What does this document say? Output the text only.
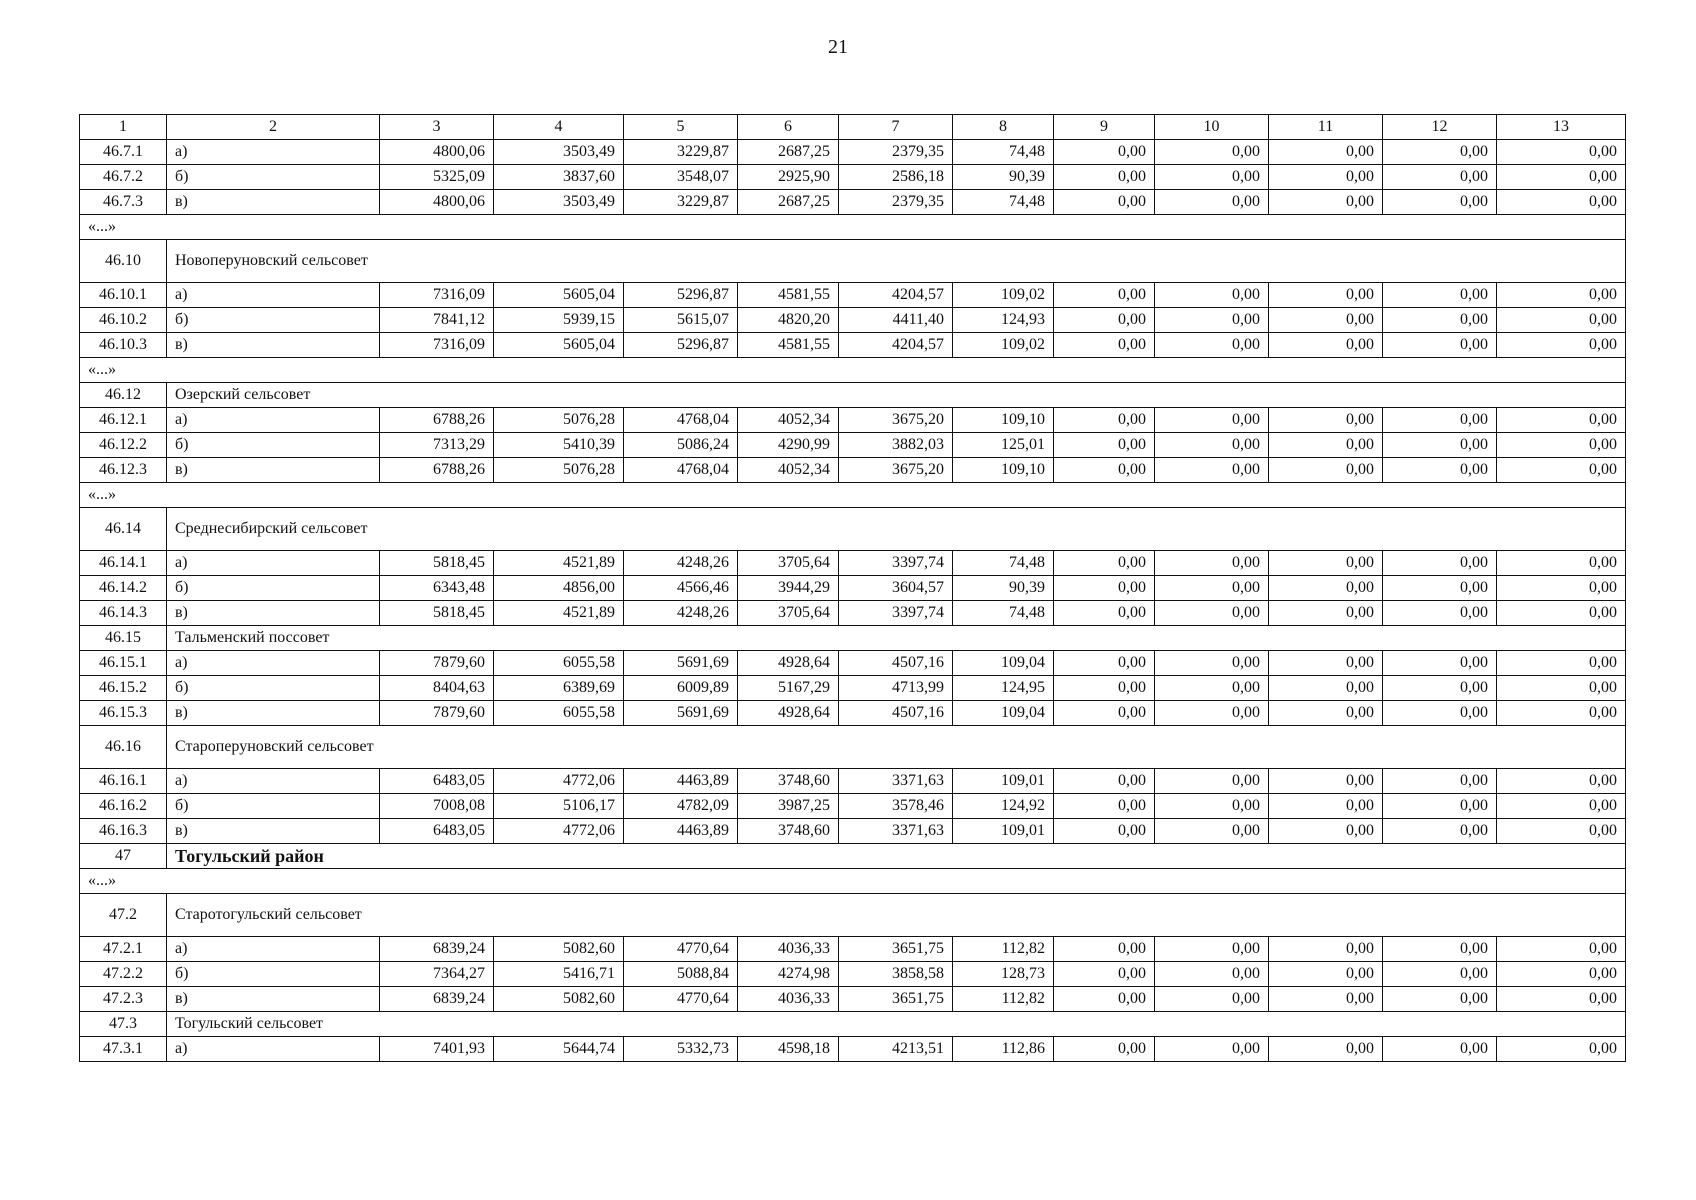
21
1	2	3	4	5	6	7	8	9	10	11	12	13
46.7.1	а)	4800,06	3503,49	3229,87	2687,25	2379,35	74,48	0,00	0,00	0,00	0,00	0,00
46.7.2	б)	5325,09	3837,60	3548,07	2925,90	2586,18	90,39	0,00	0,00	0,00	0,00	0,00
46.7.3	в)	4800,06	3503,49	3229,87	2687,25	2379,35	74,48	0,00	0,00	0,00	0,00	0,00
«...»												
46.10	Новоперуновский сельсовет											

46.10.1	а)	7316,09	5605,04	5296,87	4581,55	4204,57	109,02	0,00	0,00	0,00	0,00	0,00
46.10.2	б)	7841,12	5939,15	5615,07	4820,20	4411,40	124,93	0,00	0,00	0,00	0,00	0,00
46.10.3	в)	7316,09	5605,04	5296,87	4581,55	4204,57	109,02	0,00	0,00	0,00	0,00	0,00
«...»												
46.12	Озерский сельсовет											
46.12.1	а)	6788,26	5076,28	4768,04	4052,34	3675,20	109,10	0,00	0,00	0,00	0,00	0,00
46.12.2	б)	7313,29	5410,39	5086,24	4290,99	3882,03	125,01	0,00	0,00	0,00	0,00	0,00
46.12.3	в)	6788,26	5076,28	4768,04	4052,34	3675,20	109,10	0,00	0,00	0,00	0,00	0,00
«...»												
46.14	Среднесибирский сельсовет											

46.14.1	а)	5818,45	4521,89	4248,26	3705,64	3397,74	74,48	0,00	0,00	0,00	0,00	0,00
46.14.2	б)	6343,48	4856,00	4566,46	3944,29	3604,57	90,39	0,00	0,00	0,00	0,00	0,00
46.14.3	в)	5818,45	4521,89	4248,26	3705,64	3397,74	74,48	0,00	0,00	0,00	0,00	0,00
46.15	Тальменский поссовет											
46.15.1	а)	7879,60	6055,58	5691,69	4928,64	4507,16	109,04	0,00	0,00	0,00	0,00	0,00
46.15.2	б)	8404,63	6389,69	6009,89	5167,29	4713,99	124,95	0,00	0,00	0,00	0,00	0,00
46.15.3	в)	7879,60	6055,58	5691,69	4928,64	4507,16	109,04	0,00	0,00	0,00	0,00	0,00
46.16	Староперуновский сельсовет											

46.16.1	а)	6483,05	4772,06	4463,89	3748,60	3371,63	109,01	0,00	0,00	0,00	0,00	0,00
46.16.2	б)	7008,08	5106,17	4782,09	3987,25	3578,46	124,92	0,00	0,00	0,00	0,00	0,00
46.16.3	в)	6483,05	4772,06	4463,89	3748,60	3371,63	109,01	0,00	0,00	0,00	0,00	0,00
47	Тогульский район											
«...»												
47.2	Старотогульский сельсовет											

47.2.1	а)	6839,24	5082,60	4770,64	4036,33	3651,75	112,82	0,00	0,00	0,00	0,00	0,00
47.2.2	б)	7364,27	5416,71	5088,84	4274,98	3858,58	128,73	0,00	0,00	0,00	0,00	0,00
47.2.3	в)	6839,24	5082,60	4770,64	4036,33	3651,75	112,82	0,00	0,00	0,00	0,00	0,00
47.3	Тогульский сельсовет											
47.3.1	а)	7401,93	5644,74	5332,73	4598,18	4213,51	112,86	0,00	0,00	0,00	0,00	0,00
